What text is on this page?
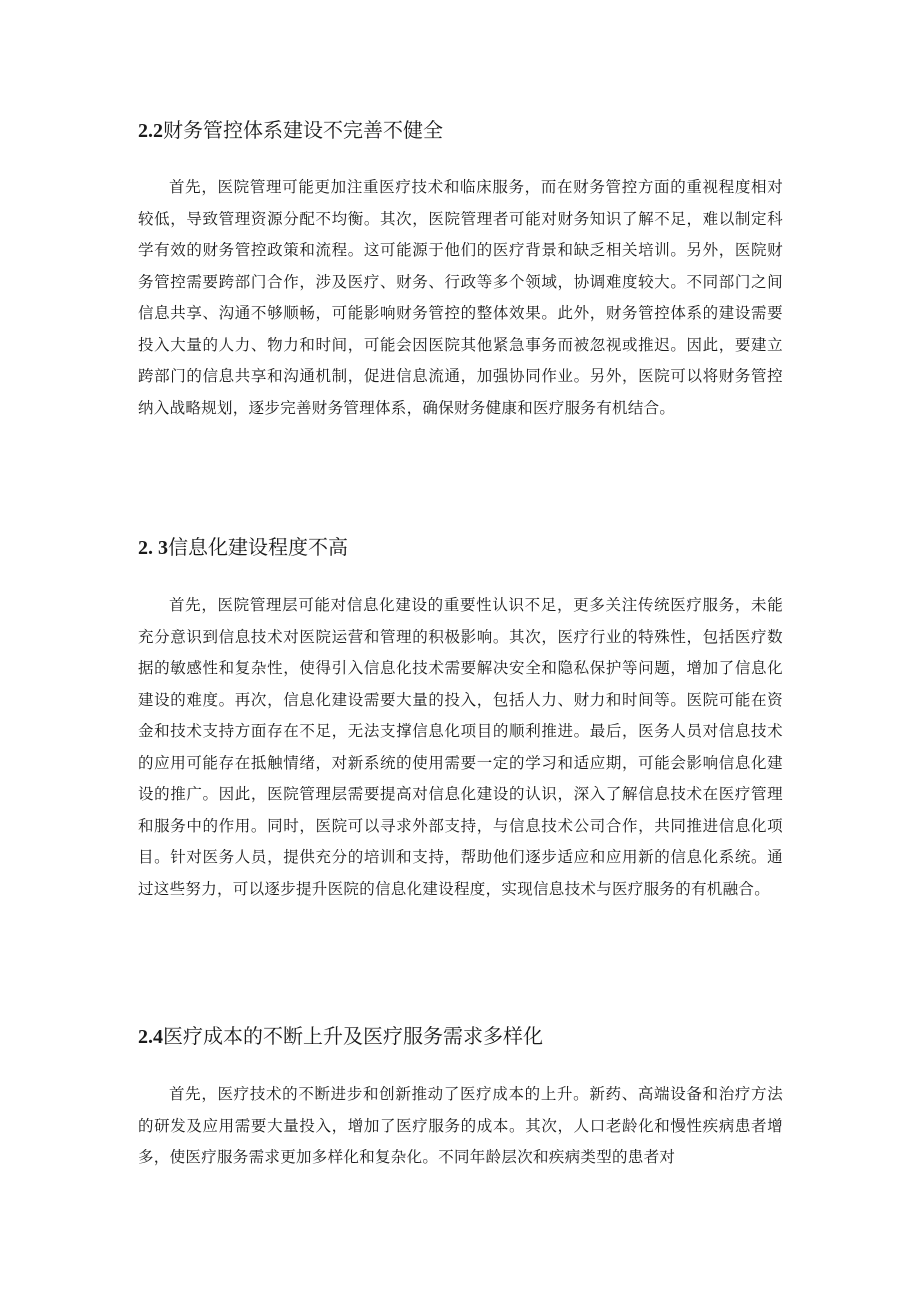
2.2财务管控体系建设不完善不健全

首先，医院管理可能更加注重医疗技术和临床服务，而在财务管控方面的重视程度相对较低，导致管理资源分配不均衡。其次，医院管理者可能对财务知识了解不足，难以制定科学有效的财务管控政策和流程。这可能源于他们的医疗背景和缺乏相关培训。另外，医院财务管控需要跨部门合作，涉及医疗、财务、行政等多个领域，协调难度较大。不同部门之间信息共享、沟通不够顺畅，可能影响财务管控的整体效果。此外，财务管控体系的建设需要投入大量的人力、物力和时间，可能会因医院其他紧急事务而被忽视或推迟。因此，要建立跨部门的信息共享和沟通机制，促进信息流通，加强协同作业。另外，医院可以将财务管控纳入战略规划，逐步完善财务管理体系，确保财务健康和医疗服务有机结合。

2. 3信息化建设程度不高

首先，医院管理层可能对信息化建设的重要性认识不足，更多关注传统医疗服务，未能充分意识到信息技术对医院运营和管理的积极影响。其次，医疗行业的特殊性，包括医疗数据的敏感性和复杂性，使得引入信息化技术需要解决安全和隐私保护等问题，增加了信息化建设的难度。再次，信息化建设需要大量的投入，包括人力、财力和时间等。医院可能在资金和技术支持方面存在不足，无法支撑信息化项目的顺利推进。最后，医务人员对信息技术的应用可能存在抵触情绪，对新系统的使用需要一定的学习和适应期，可能会影响信息化建设的推广。因此，医院管理层需要提高对信息化建设的认识，深入了解信息技术在医疗管理和服务中的作用。同时，医院可以寻求外部支持，与信息技术公司合作，共同推进信息化项目。针对医务人员，提供充分的培训和支持，帮助他们逐步适应和应用新的信息化系统。通过这些努力，可以逐步提升医院的信息化建设程度，实现信息技术与医疗服务的有机融合。

2.4医疗成本的不断上升及医疗服务需求多样化

首先，医疗技术的不断进步和创新推动了医疗成本的上升。新药、高端设备和治疗方法的研发及应用需要大量投入，增加了医疗服务的成本。其次，人口老龄化和慢性疾病患者增多，使医疗服务需求更加多样化和复杂化。不同年龄层次和疾病类型的患者对
